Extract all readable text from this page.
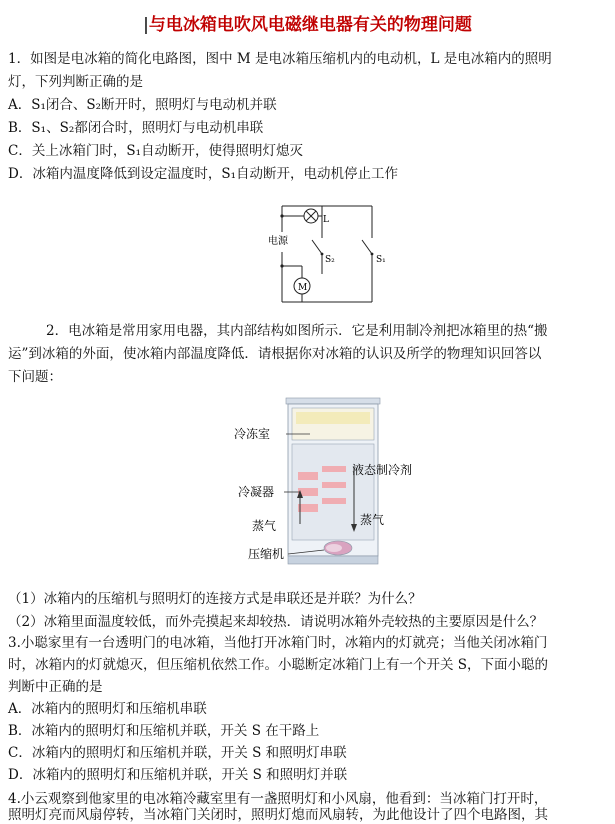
|与电冰箱电吹风电磁继电器有关的物理问题
1．如图是电冰箱的简化电路图，图中 M 是电冰箱压缩机内的电动机，L 是电冰箱内的照明
灯，下列判断正确的是
A．S₁闭合、S₂断开时，照明灯与电动机并联
B．S₁、S₂都闭合时，照明灯与电动机串联
C．关上冰箱门时，S₁自动断开，使得照明灯熄灭
D．冰箱内温度降低到设定温度时，S₁自动断开，电动机停止工作
L
电源
S₂	S₁
M
2．电冰箱是常用家用电器，其内部结构如图所示．它是利用制冷剂把冰箱里的热“搬
运”到冰箱的外面，使冰箱内部温度降低．请根据你对冰箱的认识及所学的物理知识回答以
下问题：
冷冻室
液态制冷剂
冷凝器
蒸气	蒸气
压缩机
（1）冰箱内的压缩机与照明灯的连接方式是串联还是并联？为什么？
（2）冰箱里面温度较低，而外壳摸起来却较热．请说明冰箱外壳较热的主要原因是什么？
3.小聪家里有一台透明门的电冰箱，当他打开冰箱门时，冰箱内的灯就亮；当他关闭冰箱门
时，冰箱内的灯就熄灭，但压缩机依然工作。小聪断定冰箱门上有一个开关 S，下面小聪的
判断中正确的是
A．冰箱内的照明灯和压缩机串联
B．冰箱内的照明灯和压缩机并联，开关 S 在干路上
C．冰箱内的照明灯和压缩机并联，开关 S 和照明灯串联
D．冰箱内的照明灯和压缩机并联，开关 S 和照明灯并联
4.小云观察到他家里的电冰箱冷藏室里有一盏照明灯和小风扇，他看到：当冰箱门打开时，
照明灯亮而风扇停转，当冰箱门关闭时，照明灯熄而风扇转，为此他设计了四个电路图，其
